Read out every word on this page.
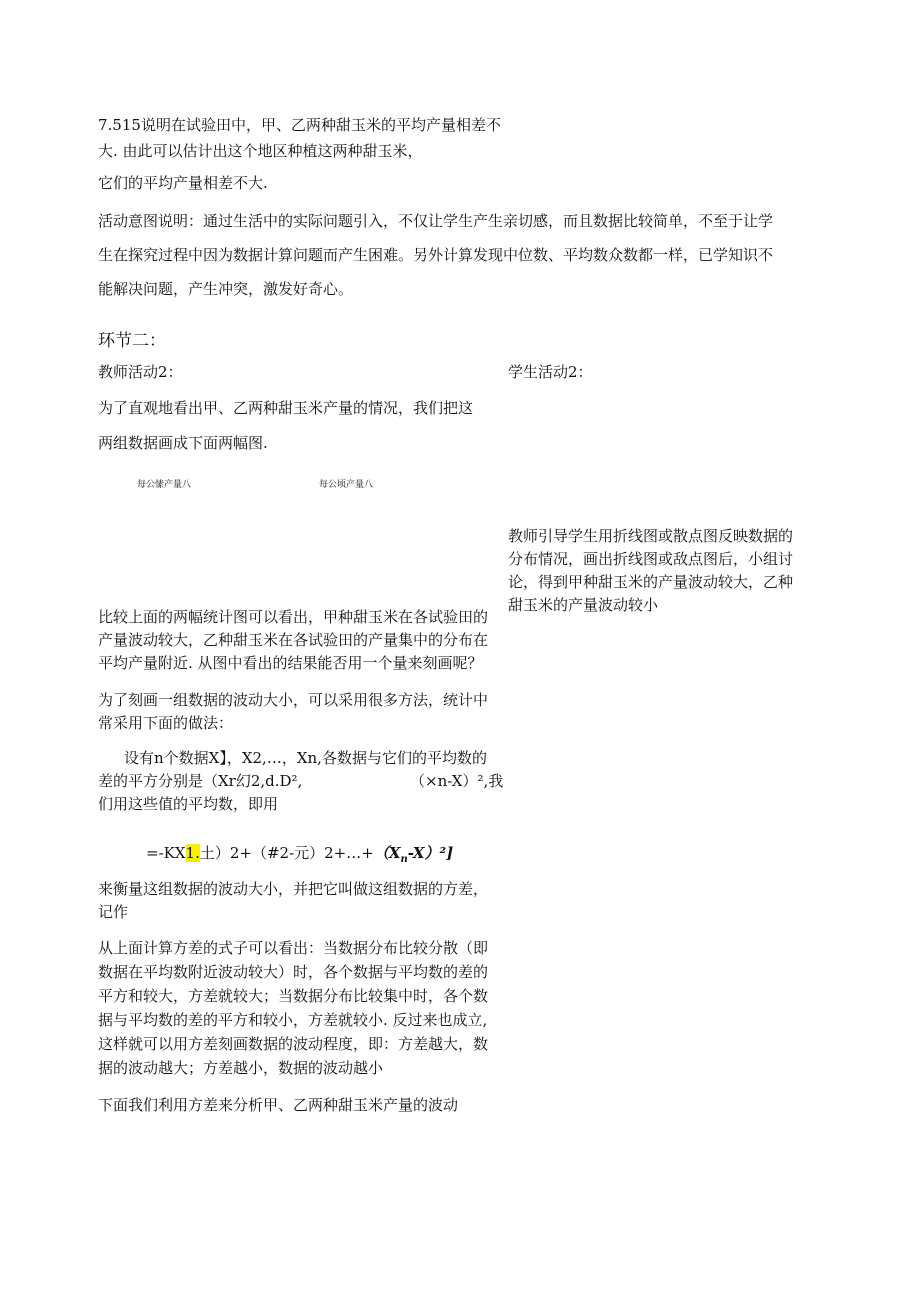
7.515说明在试验田中，甲、乙两种甜玉米的平均产量相差不
大. 由此可以估计出这个地区种植这两种甜玉米，
它们的平均产量相差不大.
活动意图说明：通过生活中的实际问题引入，不仅让学生产生亲切感，而且数据比较简单，不至于让学
生在探究过程中因为数据计算问题而产生困难。另外计算发现中位数、平均数众数都一样，已学知识不
能解决问题，产生冲突，激发好奇心。
环节二：
教师活动2：	学生活动2：
为了直观地看出甲、乙两种甜玉米产量的情况，我们把这
两组数据画成下面两幅图.
每公愫产量八	每公顷产量八
教师引导学生用折线图或散点图反映数据的
分布情况，画出折线图或敌点图后，小组讨
论，得到甲种甜玉米的产量波动较大，乙种
甜玉米的产量波动较小
比较上面的两幅统计图可以看出，甲种甜玉米在各试验田的
产量波动较大，乙种甜玉米在各试验田的产量集中的分布在
平均产量附近. 从图中看出的结果能否用一个量来刻画呢？
为了刻画一组数据的波动大小，可以采用很多方法，统计中
常采用下面的做法：
设有n个数据X】，X2,…，Xn,各数据与它们的平均数的
差的平方分别是（Xr幻2,d.D²,	（×n-X）²,我
们用这些值的平均数，即用
=-KX1.土）2+（#2-元）$2+\dots+(X_n-X)^2$]
来衡量这组数据的波动大小，并把它叫做这组数据的方差，
记作
从上面计算方差的式子可以看出：当数据分布比较分散（即
数据在平均数附近波动较大）时，各个数据与平均数的差的
平方和较大，方差就较大；当数据分布比较集中时，各个数
据与平均数的差的平方和较小，方差就较小. 反过来也成立,
这样就可以用方差刻画数据的波动程度，即：方差越大，数
据的波动越大；方差越小，数据的波动越小
下面我们利用方差来分析甲、乙两种甜玉米产量的波动
